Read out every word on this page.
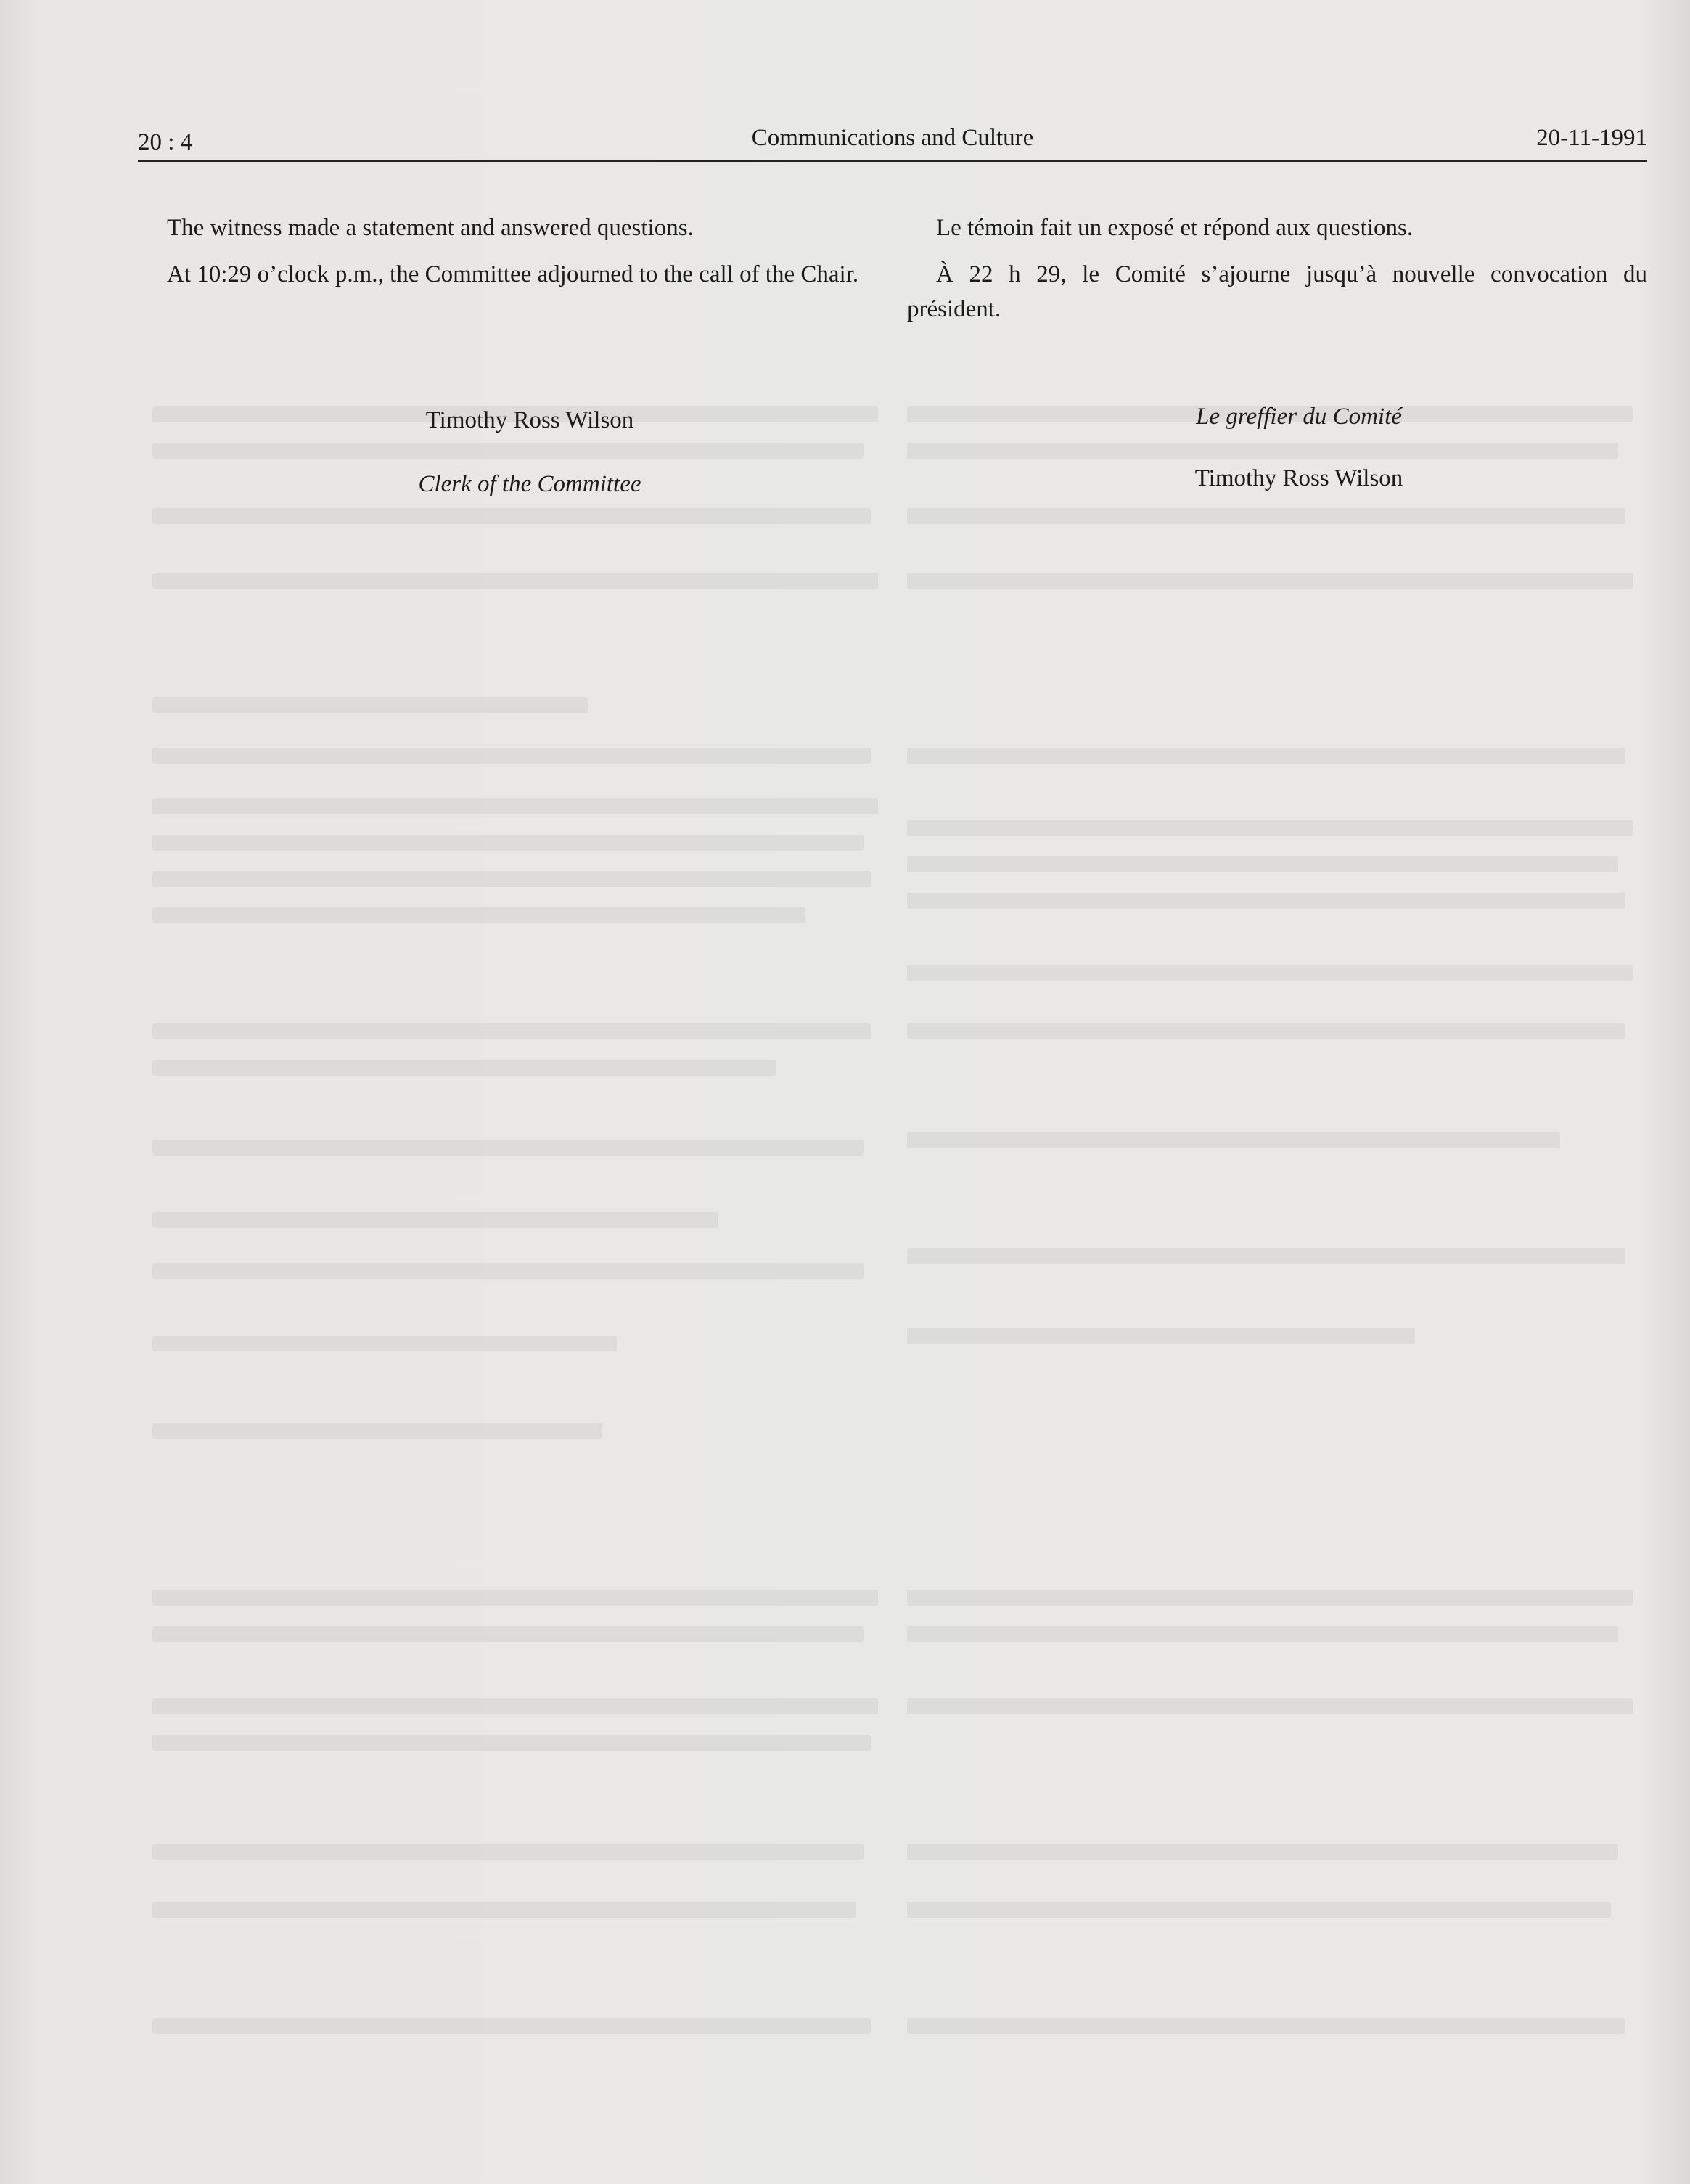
20 : 4	Communications and Culture	20-11-1991

The witness made a statement and answered questions.

At 10:29 o’clock p.m., the Committee adjourned to the call of the Chair.

Le témoin fait un exposé et répond aux questions.

À 22 h 29, le Comité s’ajourne jusqu’à nouvelle convocation du président.

Timothy Ross Wilson
Clerk of the Committee
Le greffier du Comité
Timothy Ross Wilson
